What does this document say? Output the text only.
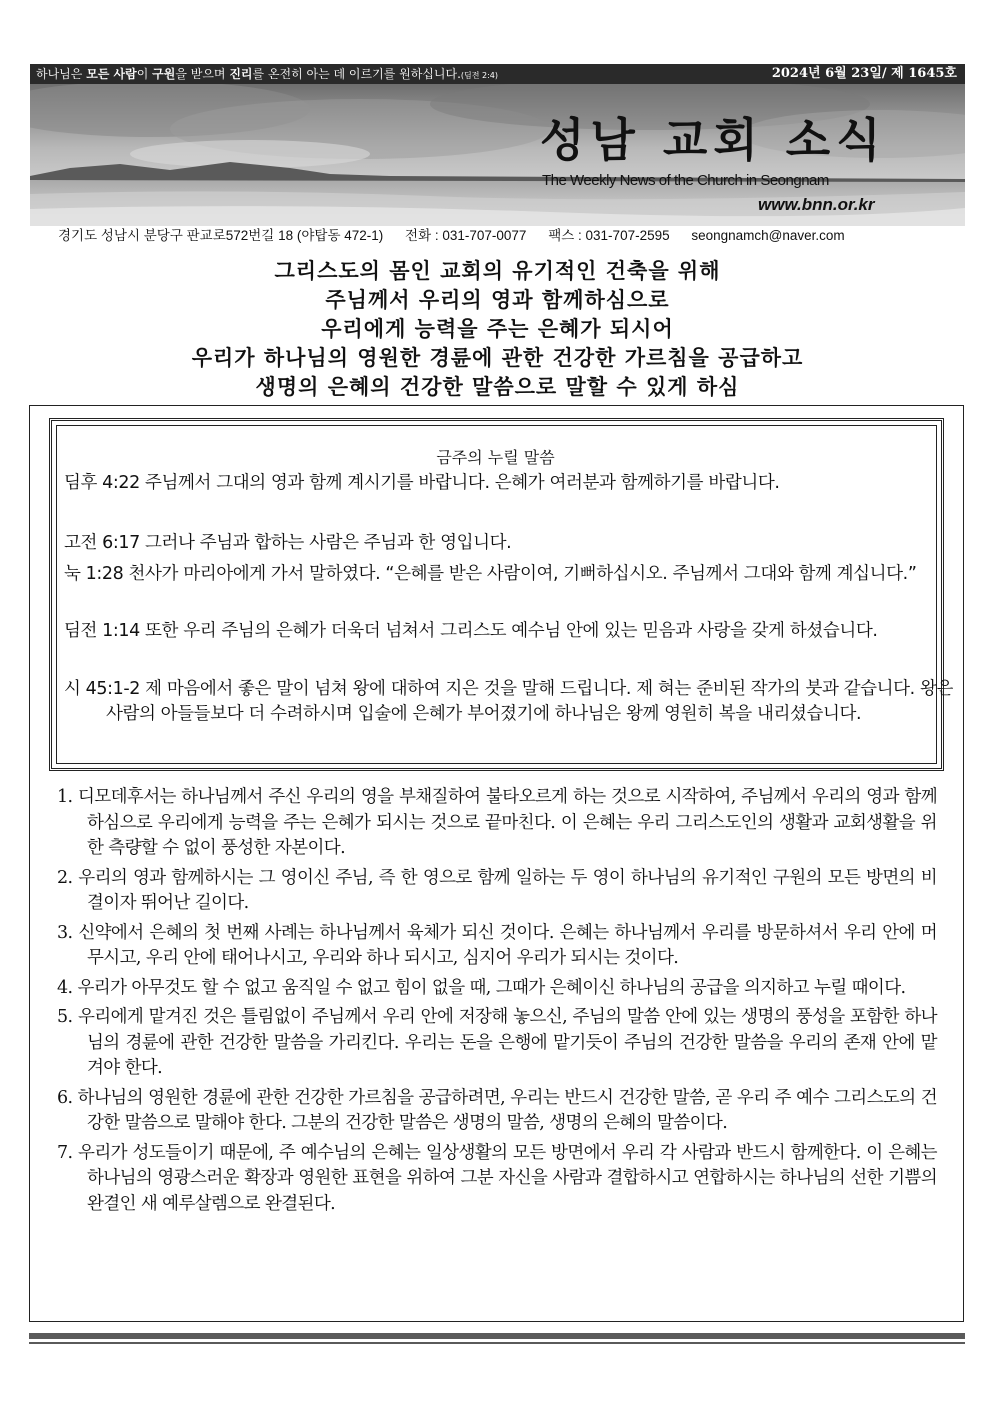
하나님은 모든 사람이 구원을 받으며 진리를 온전히 아는 데 이르기를 원하십니다.(딤전 2:4)	2024년 6월 23일/ 제 1645호
성남 교회 소식
The Weekly News of the Church in Seongnam
www.bnn.or.kr
경기도 성남시 분당구 판교로572번길 18 (야탑동 472-1) 전화 : 031-707-0077 팩스 : 031-707-2595 seongnamch@naver.com
그리스도의 몸인 교회의 유기적인 건축을 위해
주님께서 우리의 영과 함께하심으로
우리에게 능력을 주는 은혜가 되시어
우리가 하나님의 영원한 경륜에 관한 건강한 가르침을 공급하고
생명의 은혜의 건강한 말씀으로 말할 수 있게 하심
금주의 누릴 말씀
딤후 4:22 주님께서 그대의 영과 함께 계시기를 바랍니다. 은혜가 여러분과 함께하기를 바랍니다.
고전 6:17 그러나 주님과 합하는 사람은 주님과 한 영입니다.
눅 1:28 천사가 마리아에게 가서 말하였다. “은혜를 받은 사람이여, 기뻐하십시오. 주님께서 그대와 함께 계십니다.”
딤전 1:14 또한 우리 주님의 은혜가 더욱더 넘쳐서 그리스도 예수님 안에 있는 믿음과 사랑을 갖게 하셨습니다.
시 45:1-2 제 마음에서 좋은 말이 넘쳐 왕에 대하여 지은 것을 말해 드립니다. 제 혀는 준비된 작가의 붓과 같습니다. 왕은 사람의 아들들보다 더 수려하시며 입술에 은혜가 부어졌기에 하나님은 왕께 영원히 복을 내리셨습니다.
1. 디모데후서는 하나님께서 주신 우리의 영을 부채질하여 불타오르게 하는 것으로 시작하여, 주님께서 우리의 영과 함께하심으로 우리에게 능력을 주는 은혜가 되시는 것으로 끝마친다. 이 은혜는 우리 그리스도인의 생활과 교회생활을 위한 측량할 수 없이 풍성한 자본이다.
2. 우리의 영과 함께하시는 그 영이신 주님, 즉 한 영으로 함께 일하는 두 영이 하나님의 유기적인 구원의 모든 방면의 비결이자 뛰어난 길이다.
3. 신약에서 은혜의 첫 번째 사례는 하나님께서 육체가 되신 것이다. 은혜는 하나님께서 우리를 방문하셔서 우리 안에 머무시고, 우리 안에 태어나시고, 우리와 하나 되시고, 심지어 우리가 되시는 것이다.
4. 우리가 아무것도 할 수 없고 움직일 수 없고 힘이 없을 때, 그때가 은혜이신 하나님의 공급을 의지하고 누릴 때이다.
5. 우리에게 맡겨진 것은 틀림없이 주님께서 우리 안에 저장해 놓으신, 주님의 말씀 안에 있는 생명의 풍성을 포함한 하나님의 경륜에 관한 건강한 말씀을 가리킨다. 우리는 돈을 은행에 맡기듯이 주님의 건강한 말씀을 우리의 존재 안에 맡겨야 한다.
6. 하나님의 영원한 경륜에 관한 건강한 가르침을 공급하려면, 우리는 반드시 건강한 말씀, 곧 우리 주 예수 그리스도의 건강한 말씀으로 말해야 한다. 그분의 건강한 말씀은 생명의 말씀, 생명의 은혜의 말씀이다.
7. 우리가 성도들이기 때문에, 주 예수님의 은혜는 일상생활의 모든 방면에서 우리 각 사람과 반드시 함께한다. 이 은혜는 하나님의 영광스러운 확장과 영원한 표현을 위하여 그분 자신을 사람과 결합하시고 연합하시는 하나님의 선한 기쁨의 완결인 새 예루살렘으로 완결된다.
